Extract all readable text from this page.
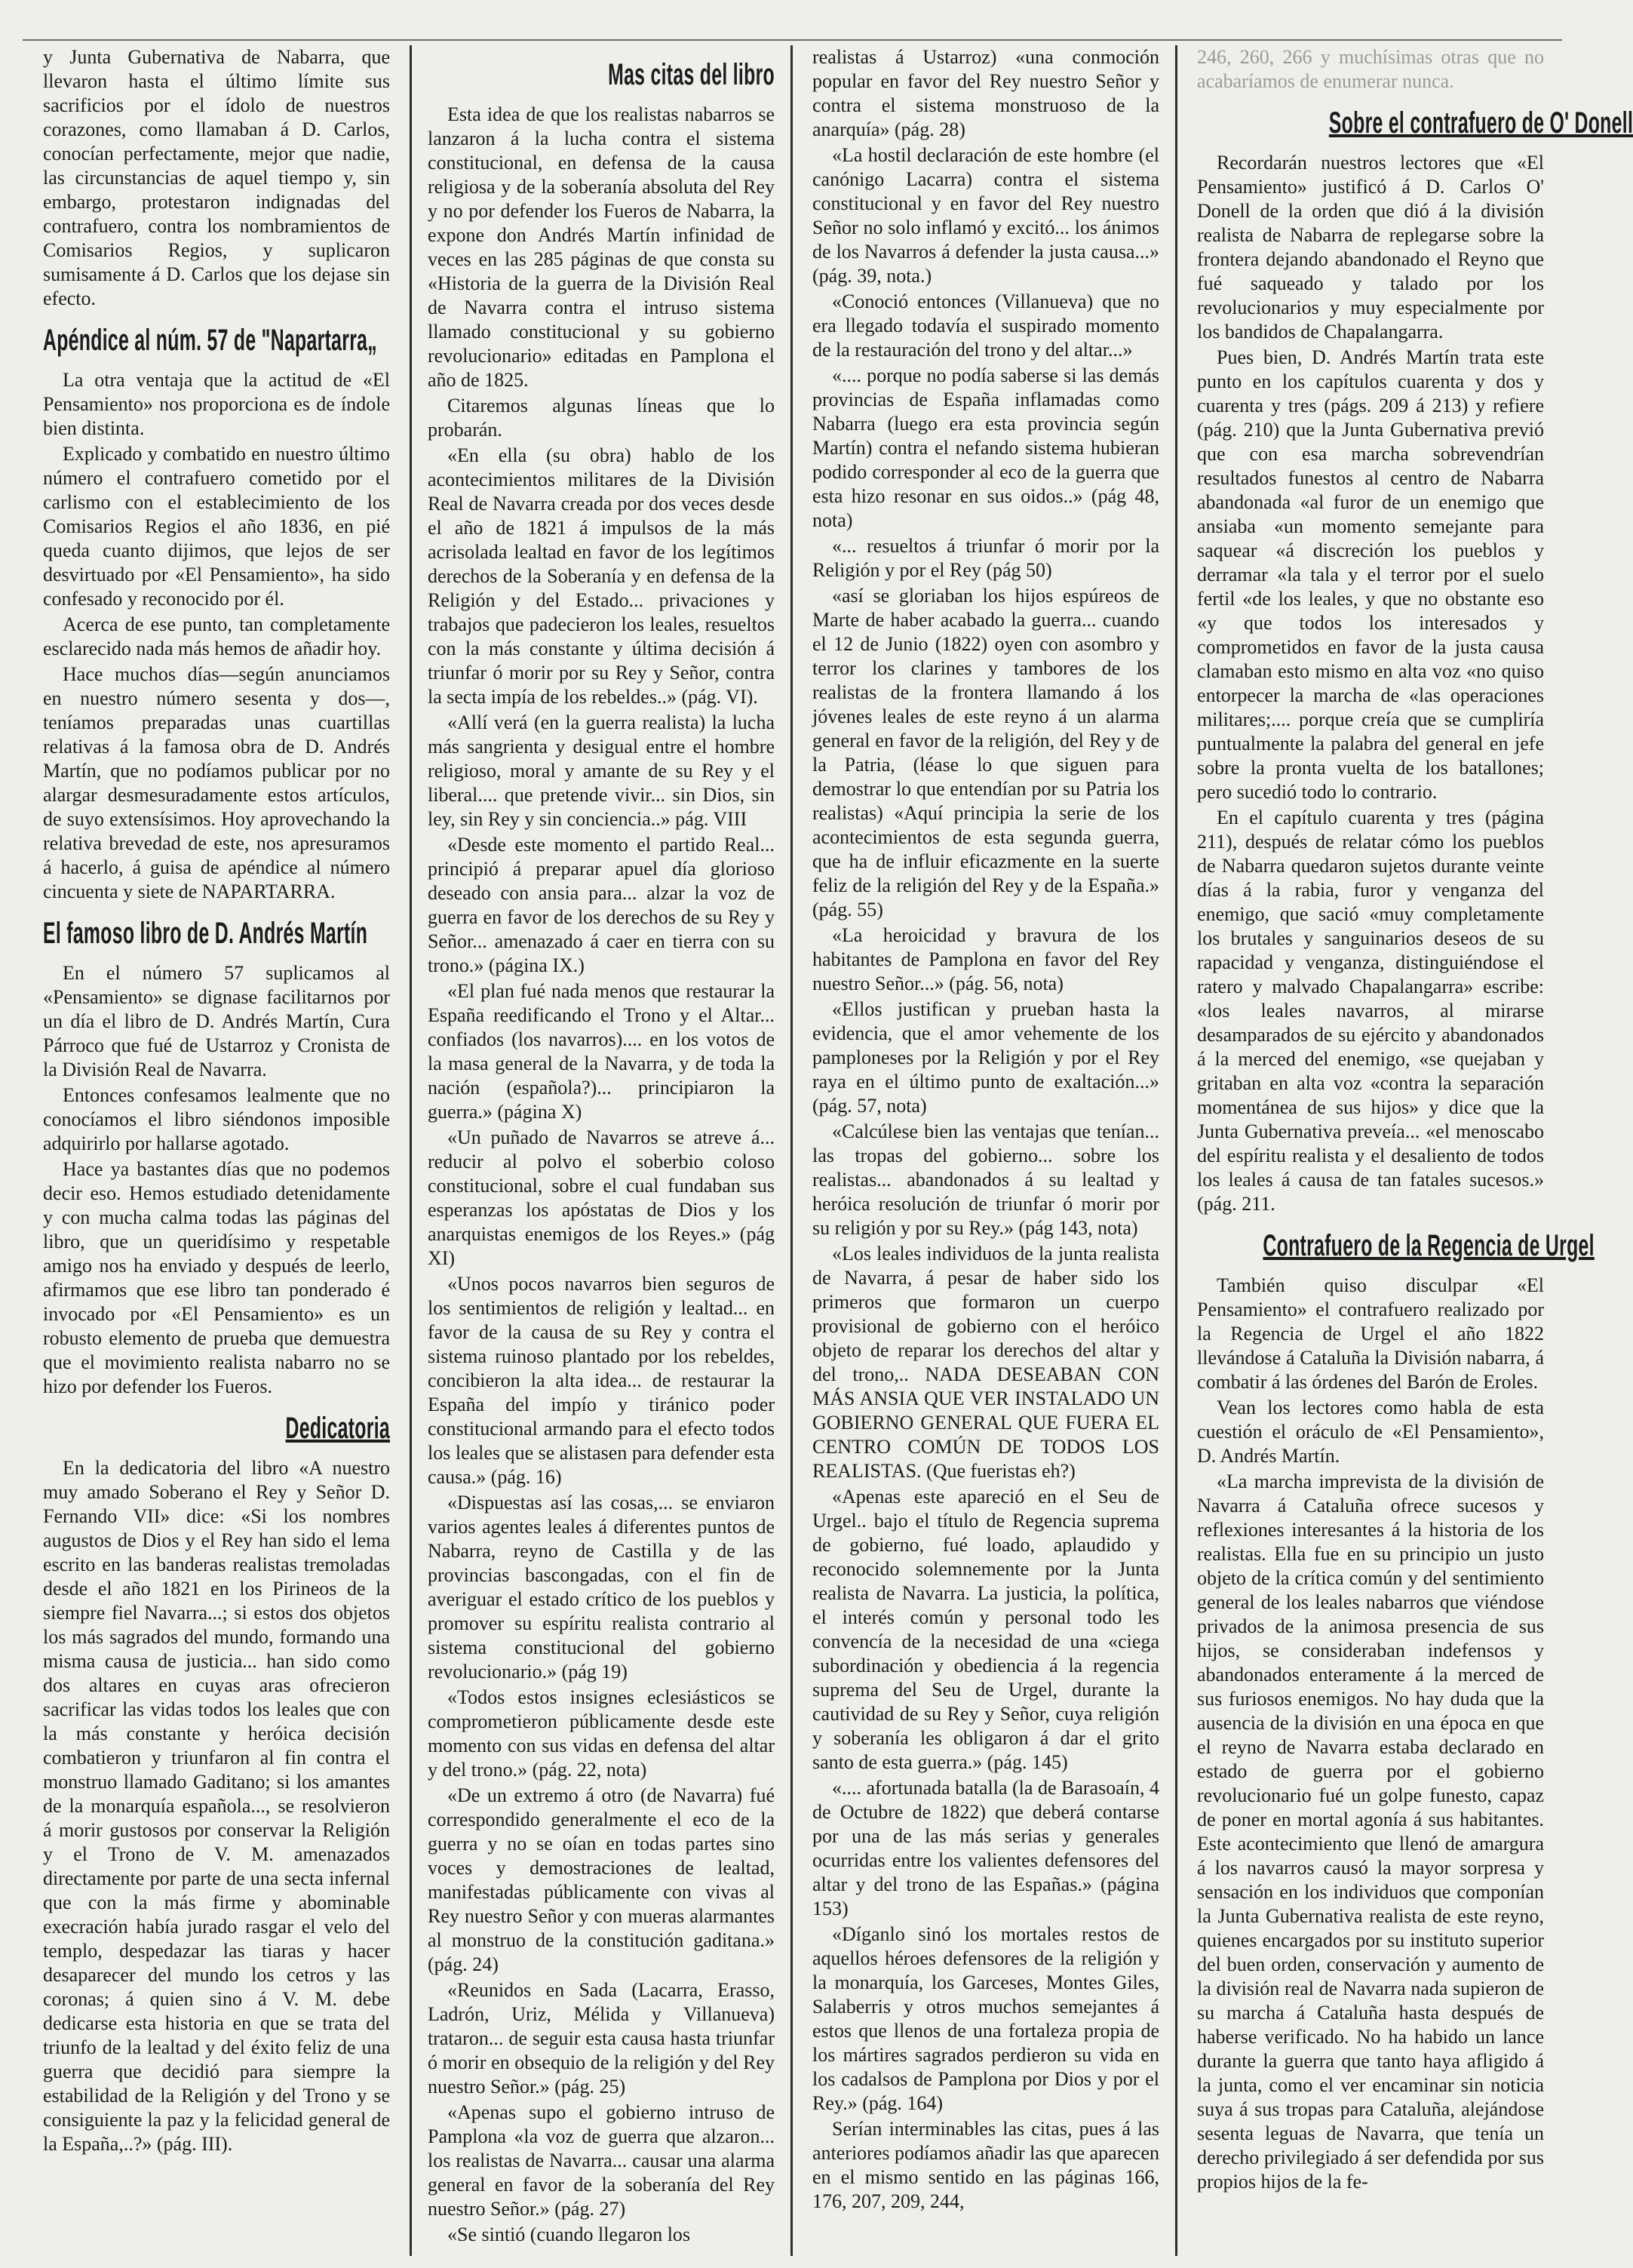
y Junta Gubernativa de Nabarra, que llevaron hasta el último límite sus sacrificios por el ídolo de nuestros corazones, como llamaban á D. Carlos, conocían perfectamente, mejor que nadie, las circunstancias de aquel tiempo y, sin embargo, protestaron indignadas del contrafuero, contra los nombramientos de Comisarios Regios, y suplicaron sumisamente á D. Carlos que los dejase sin efecto.

Apéndice al núm. 57 de "Napartarra„

La otra ventaja que la actitud de «El Pensamiento» nos proporciona es de índole bien distinta.

Explicado y combatido en nuestro último número el contrafuero cometido por el carlismo con el establecimiento de los Comisarios Regios el año 1836, en pié queda cuanto dijimos, que lejos de ser desvirtuado por «El Pensamiento», ha sido confesado y reconocido por él.

Acerca de ese punto, tan completamente esclarecido nada más hemos de añadir hoy.

Hace muchos días—según anunciamos en nuestro número sesenta y dos—, teníamos preparadas unas cuartillas relativas á la famosa obra de D. Andrés Martín, que no podíamos publicar por no alargar desmesuradamente estos artículos, de suyo extensísimos. Hoy aprovechando la relativa brevedad de este, nos apresuramos á hacerlo, á guisa de apéndice al número cincuenta y siete de NAPARTARRA.

El famoso libro de D. Andrés Martín

En el número 57 suplicamos al «Pensamiento» se dignase facilitarnos por un día el libro de D. Andrés Martín, Cura Párroco que fué de Ustarroz y Cronista de la División Real de Navarra.

Entonces confesamos lealmente que no conocíamos el libro siéndonos imposible adquirirlo por hallarse agotado.

Hace ya bastantes días que no podemos decir eso. Hemos estudiado detenidamente y con mucha calma todas las páginas del libro, que un queridísimo y respetable amigo nos ha enviado y después de leerlo, afirmamos que ese libro tan ponderado é invocado por «El Pensamiento» es un robusto elemento de prueba que demuestra que el movimiento realista nabarro no se hizo por defender los Fueros.

Dedicatoria

En la dedicatoria del libro «A nuestro muy amado Soberano el Rey y Señor D. Fernando VII» dice: «Si los nombres augustos de Dios y el Rey han sido el lema escrito en las banderas realistas tremoladas desde el año 1821 en los Pirineos de la siempre fiel Navarra...; si estos dos objetos los más sagrados del mundo, formando una misma causa de justicia... han sido como dos altares en cuyas aras ofrecieron sacrificar las vidas todos los leales que con la más constante y heróica decisión combatieron y triunfaron al fin contra el monstruo llamado Gaditano; si los amantes de la monarquía española..., se resolvieron á morir gustosos por conservar la Religión y el Trono de V. M. amenazados directamente por parte de una secta infernal que con la más firme y abominable execración había jurado rasgar el velo del templo, despedazar las tiaras y hacer desaparecer del mundo los cetros y las coronas; á quien sino á V. M. debe dedicarse esta historia en que se trata del triunfo de la lealtad y del éxito feliz de una guerra que decidió para siempre la estabilidad de la Religión y del Trono y se consiguiente la paz y la felicidad general de la España,..?» (pág. III).

Mas citas del libro

Esta idea de que los realistas nabarros se lanzaron á la lucha contra el sistema constitucional, en defensa de la causa religiosa y de la soberanía absoluta del Rey y no por defender los Fueros de Nabarra, la expone don Andrés Martín infinidad de veces en las 285 páginas de que consta su «Historia de la guerra de la División Real de Navarra contra el intruso sistema llamado constitucional y su gobierno revolucionario» editadas en Pamplona el año de 1825.

Citaremos algunas líneas que lo probarán.

«En ella (su obra) hablo de los acontecimientos militares de la División Real de Navarra creada por dos veces desde el año de 1821 á impulsos de la más acrisolada lealtad en favor de los legítimos derechos de la Soberanía y en defensa de la Religión y del Estado... privaciones y trabajos que padecieron los leales, resueltos con la más constante y última decisión á triunfar ó morir por su Rey y Señor, contra la secta impía de los rebeldes..» (pág. VI).

«Allí verá (en la guerra realista) la lucha más sangrienta y desigual entre el hombre religioso, moral y amante de su Rey y el liberal.... que pretende vivir... sin Dios, sin ley, sin Rey y sin conciencia..» pág. VIII

«Desde este momento el partido Real... principió á preparar apuel día glorioso deseado con ansia para... alzar la voz de guerra en favor de los derechos de su Rey y Señor... amenazado á caer en tierra con su trono.» (página IX.)

«El plan fué nada menos que restaurar la España reedificando el Trono y el Altar... confiados (los navarros).... en los votos de la masa general de la Navarra, y de toda la nación (española?)... principiaron la guerra.» (página X)

«Un puñado de Navarros se atreve á... reducir al polvo el soberbio coloso constitucional, sobre el cual fundaban sus esperanzas los apóstatas de Dios y los anarquistas enemigos de los Reyes.» (pág XI)

«Unos pocos navarros bien seguros de los sentimientos de religión y lealtad... en favor de la causa de su Rey y contra el sistema ruinoso plantado por los rebeldes, concibieron la alta idea... de restaurar la España del impío y tiránico poder constitucional armando para el efecto todos los leales que se alistasen para defender esta causa.» (pág. 16)

«Dispuestas así las cosas,... se enviaron varios agentes leales á diferentes puntos de Nabarra, reyno de Castilla y de las provincias bascongadas, con el fin de averiguar el estado crítico de los pueblos y promover su espíritu realista contrario al sistema constitucional del gobierno revolucionario.» (pág 19)

«Todos estos insignes eclesiásticos se comprometieron públicamente desde este momento con sus vidas en defensa del altar y del trono.» (pág. 22, nota)

«De un extremo á otro (de Navarra) fué correspondido generalmente el eco de la guerra y no se oían en todas partes sino voces y demostraciones de lealtad, manifestadas públicamente con vivas al Rey nuestro Señor y con mueras alarmantes al monstruo de la constitución gaditana.» (pág. 24)

«Reunidos en Sada (Lacarra, Erasso, Ladrón, Uriz, Mélida y Villanueva) trataron... de seguir esta causa hasta triunfar ó morir en obsequio de la religión y del Rey nuestro Señor.» (pág. 25)

«Apenas supo el gobierno intruso de Pamplona «la voz de guerra que alzaron... los realistas de Navarra... causar una alarma general en favor de la soberanía del Rey nuestro Señor.» (pág. 27)

«Se sintió (cuando llegaron los

realistas á Ustarroz) «una conmoción popular en favor del Rey nuestro Señor y contra el sistema monstruoso de la anarquía» (pág. 28)

«La hostil declaración de este hombre (el canónigo Lacarra) contra el sistema constitucional y en favor del Rey nuestro Señor no solo inflamó y excitó... los ánimos de los Navarros á defender la justa causa...» (pág. 39, nota.)

«Conoció entonces (Villanueva) que no era llegado todavía el suspirado momento de la restauración del trono y del altar...»

«.... porque no podía saberse si las demás provincias de España inflamadas como Nabarra (luego era esta provincia según Martín) contra el nefando sistema hubieran podido corresponder al eco de la guerra que esta hizo resonar en sus oidos..» (pág 48, nota)

«... resueltos á triunfar ó morir por la Religión y por el Rey (pág 50)

«así se gloriaban los hijos espúreos de Marte de haber acabado la guerra... cuando el 12 de Junio (1822) oyen con asombro y terror los clarines y tambores de los realistas de la frontera llamando á los jóvenes leales de este reyno á un alarma general en favor de la religión, del Rey y de la Patria, (léase lo que siguen para demostrar lo que entendían por su Patria los realistas) «Aquí principia la serie de los acontecimientos de esta segunda guerra, que ha de influir eficazmente en la suerte feliz de la religión del Rey y de la España.» (pág. 55)

«La heroicidad y bravura de los habitantes de Pamplona en favor del Rey nuestro Señor...» (pág. 56, nota)

«Ellos justifican y prueban hasta la evidencia, que el amor vehemente de los pamploneses por la Religión y por el Rey raya en el último punto de exaltación...» (pág. 57, nota)

«Calcúlese bien las ventajas que tenían... las tropas del gobierno... sobre los realistas... abandonados á su lealtad y heróica resolución de triunfar ó morir por su religión y por su Rey.» (pág 143, nota)

«Los leales individuos de la junta realista de Navarra, á pesar de haber sido los primeros que formaron un cuerpo provisional de gobierno con el heróico objeto de reparar los derechos del altar y del trono,.. NADA DESEABAN CON MÁS ANSIA QUE VER INSTALADO UN GOBIERNO GENERAL QUE FUERA EL CENTRO COMÚN DE TODOS LOS REALISTAS. (Que fueristas eh?)

«Apenas este apareció en el Seu de Urgel.. bajo el título de Regencia suprema de gobierno, fué loado, aplaudido y reconocido solemnemente por la Junta realista de Navarra. La justicia, la política, el interés común y personal todo les convencía de la necesidad de una «ciega subordinación y obediencia á la regencia suprema del Seu de Urgel, durante la cautividad de su Rey y Señor, cuya religión y soberanía les obligaron á dar el grito santo de esta guerra.» (pág. 145)

«.... afortunada batalla (la de Barasoaín, 4 de Octubre de 1822) que deberá contarse por una de las más serias y generales ocurridas entre los valientes defensores del altar y del trono de las Españas.» (página 153)

«Díganlo sinó los mortales restos de aquellos héroes defensores de la religión y la monarquía, los Garceses, Montes Giles, Salaberris y otros muchos semejantes á estos que llenos de una fortaleza propia de los mártires sagrados perdieron su vida en los cadalsos de Pamplona por Dios y por el Rey.» (pág. 164)

Serían interminables las citas, pues á las anteriores podíamos añadir las que aparecen en el mismo sentido en las páginas 166, 176, 207, 209, 244,

246, 260, 266 y muchísimas otras que no acabaríamos de enumerar nunca.

Sobre el contrafuero de O' Donell

Recordarán nuestros lectores que «El Pensamiento» justificó á D. Carlos O' Donell de la orden que dió á la división realista de Nabarra de replegarse sobre la frontera dejando abandonado el Reyno que fué saqueado y talado por los revolucionarios y muy especialmente por los bandidos de Chapalangarra.

Pues bien, D. Andrés Martín trata este punto en los capítulos cuarenta y dos y cuarenta y tres (págs. 209 á 213) y refiere (pág. 210) que la Junta Gubernativa previó que con esa marcha sobrevendrían resultados funestos al centro de Nabarra abandonada «al furor de un enemigo que ansiaba «un momento semejante para saquear «á discreción los pueblos y derramar «la tala y el terror por el suelo fertil «de los leales, y que no obstante eso «y que todos los interesados y comprometidos en favor de la justa causa clamaban esto mismo en alta voz «no quiso entorpecer la marcha de «las operaciones militares;.... porque creía que se cumpliría puntualmente la palabra del general en jefe sobre la pronta vuelta de los batallones; pero sucedió todo lo contrario.

En el capítulo cuarenta y tres (página 211), después de relatar cómo los pueblos de Nabarra quedaron sujetos durante veinte días á la rabia, furor y venganza del enemigo, que sació «muy completamente los brutales y sanguinarios deseos de su rapacidad y venganza, distinguiéndose el ratero y malvado Chapalangarra» escribe: «los leales navarros, al mirarse desamparados de su ejército y abandonados á la merced del enemigo, «se quejaban y gritaban en alta voz «contra la separación momentánea de sus hijos» y dice que la Junta Gubernativa preveía... «el menoscabo del espíritu realista y el desaliento de todos los leales á causa de tan fatales sucesos.» (pág. 211.

Contrafuero de la Regencia de Urgel

También quiso disculpar «El Pensamiento» el contrafuero realizado por la Regencia de Urgel el año 1822 llevándose á Cataluña la División nabarra, á combatir á las órdenes del Barón de Eroles.

Vean los lectores como habla de esta cuestión el oráculo de «El Pensamiento», D. Andrés Martín.

«La marcha imprevista de la división de Navarra á Cataluña ofrece sucesos y reflexiones interesantes á la historia de los realistas. Ella fue en su principio un justo objeto de la crítica común y del sentimiento general de los leales nabarros que viéndose privados de la animosa presencia de sus hijos, se consideraban indefensos y abandonados enteramente á la merced de sus furiosos enemigos. No hay duda que la ausencia de la división en una época en que el reyno de Navarra estaba declarado en estado de guerra por el gobierno revolucionario fué un golpe funesto, capaz de poner en mortal agonía á sus habitantes. Este acontecimiento que llenó de amargura á los navarros causó la mayor sorpresa y sensación en los individuos que componían la Junta Gubernativa realista de este reyno, quienes encargados por su instituto superior del buen orden, conservación y aumento de la división real de Navarra nada supieron de su marcha á Cataluña hasta después de haberse verificado. No ha habido un lance durante la guerra que tanto haya afligido á la junta, como el ver encaminar sin noticia suya á sus tropas para Cataluña, alejándose sesenta leguas de Navarra, que tenía un derecho privilegiado á ser defendida por sus propios hijos de la fe-
